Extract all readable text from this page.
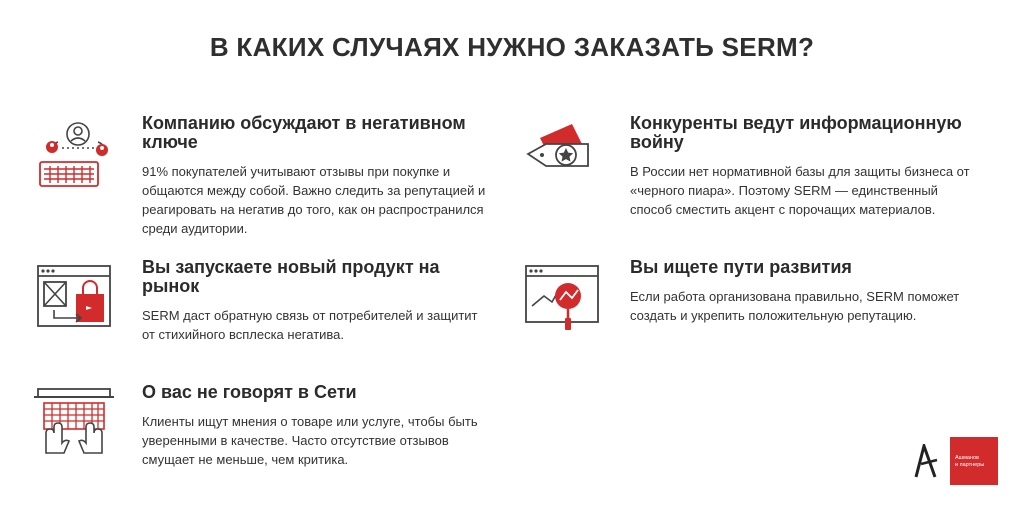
В КАКИХ СЛУЧАЯХ НУЖНО ЗАКАЗАТЬ SERM?
Компанию обсуждают в негативном ключе

91% покупателей учитывают отзывы при покупке и общаются между собой. Важно следить за репутацией и реагировать на негатив до того, как он распространился среди аудитории.

Конкуренты ведут информационную войну

В России нет нормативной базы для защиты бизнеса от «черного пиара». Поэтому SERM — единственный способ сместить акцент с порочащих материалов.

Вы запускаете новый продукт на рынок

SERM даст обратную связь от потребителей и защитит от стихийного всплеска негатива.

Вы ищете пути развития

Если работа организована правильно, SERM поможет создать и укрепить положительную репутацию.

О вас не говорят в Сети

Клиенты ищут мнения о товаре или услуге, чтобы быть уверенными в качестве. Часто отсутствие отзывов смущает не меньше, чем критика.	Ашманов
и партнеры
